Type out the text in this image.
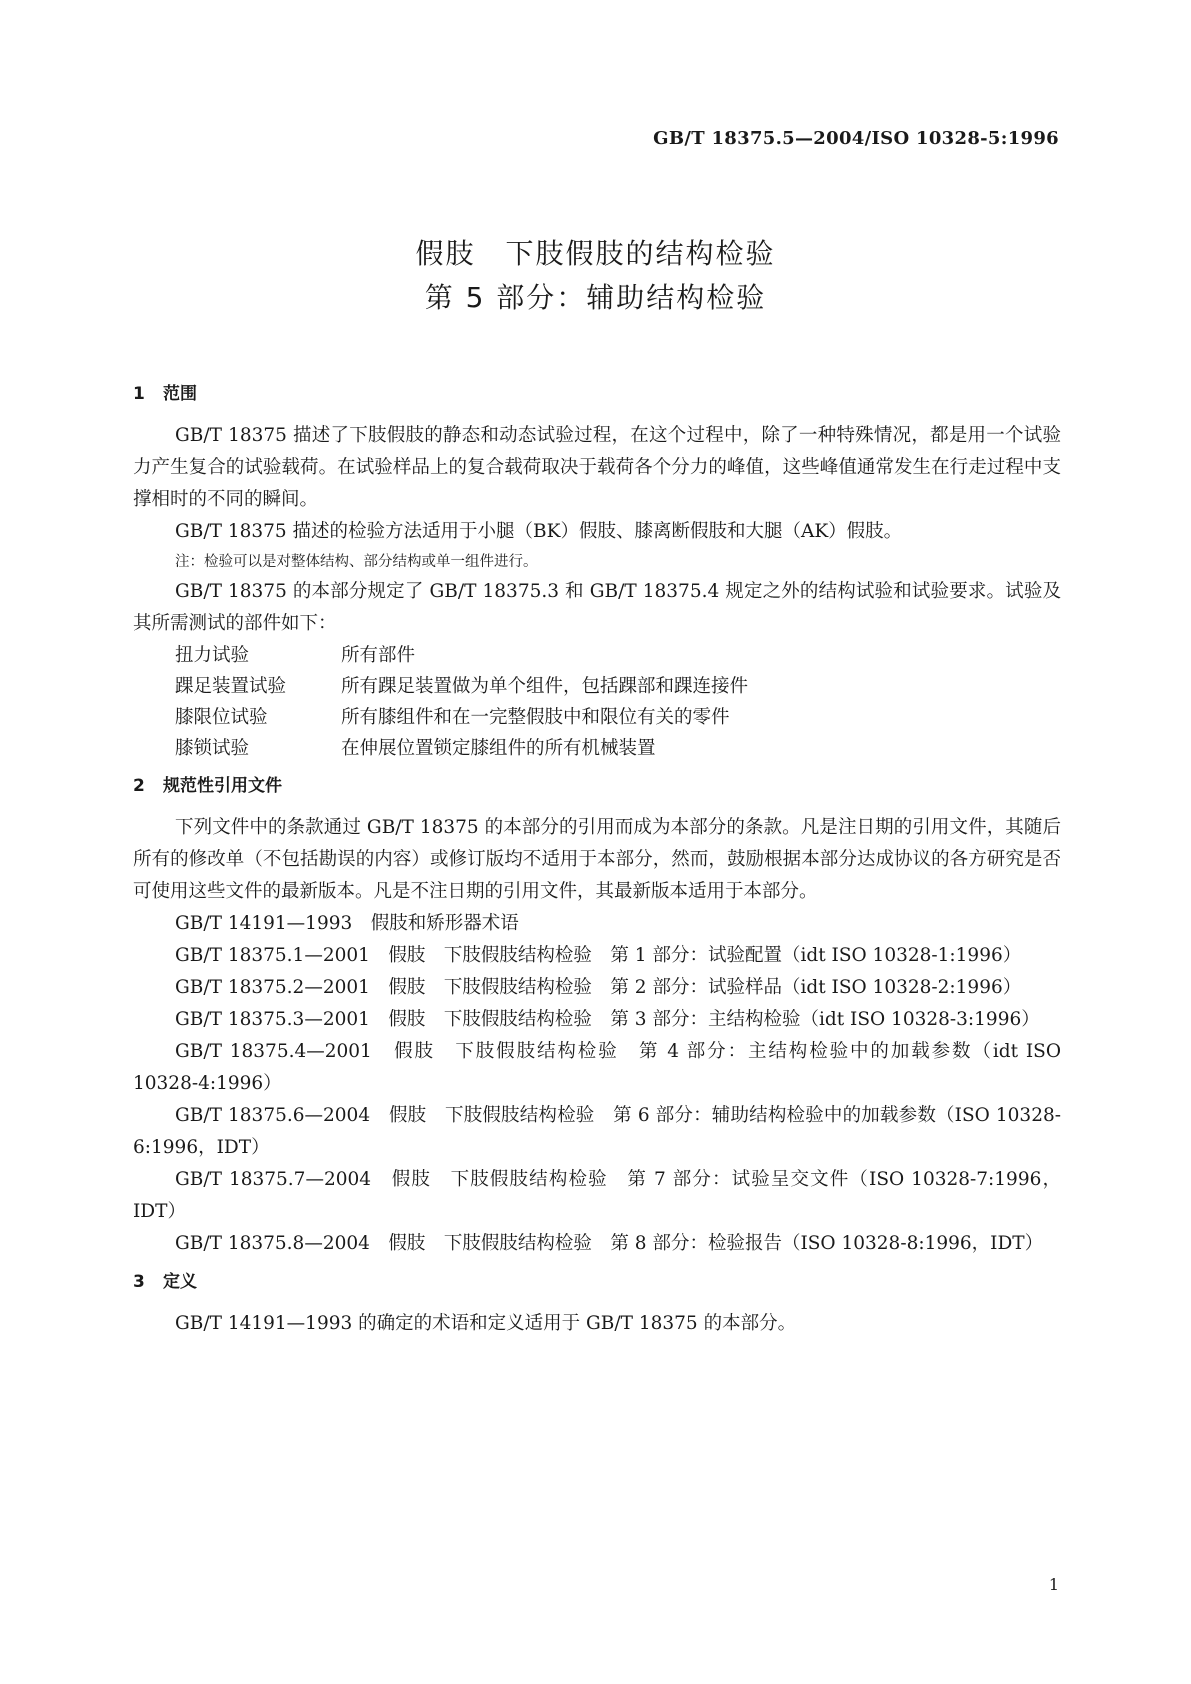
GB/T 18375.5—2004/ISO 10328-5:1996
假肢　下肢假肢的结构检验
第 5 部分：辅助结构检验
1 范围

GB/T 18375 描述了下肢假肢的静态和动态试验过程，在这个过程中，除了一种特殊情况，都是用一个试验力产生复合的试验载荷。在试验样品上的复合载荷取决于载荷各个分力的峰值，这些峰值通常发生在行走过程中支撑相时的不同的瞬间。

GB/T 18375 描述的检验方法适用于小腿（BK）假肢、膝离断假肢和大腿（AK）假肢。

注：检验可以是对整体结构、部分结构或单一组件进行。

GB/T 18375 的本部分规定了 GB/T 18375.3 和 GB/T 18375.4 规定之外的结构试验和试验要求。试验及其所需测试的部件如下：

扭力试验	所有部件
踝足装置试验	所有踝足装置做为单个组件，包括踝部和踝连接件
膝限位试验	所有膝组件和在一完整假肢中和限位有关的零件
膝锁试验	在伸展位置锁定膝组件的所有机械装置
2 规范性引用文件

下列文件中的条款通过 GB/T 18375 的本部分的引用而成为本部分的条款。凡是注日期的引用文件，其随后所有的修改单（不包括勘误的内容）或修订版均不适用于本部分，然而，鼓励根据本部分达成协议的各方研究是否可使用这些文件的最新版本。凡是不注日期的引用文件，其最新版本适用于本部分。

GB/T 14191—1993　假肢和矫形器术语

GB/T 18375.1—2001　假肢　下肢假肢结构检验　第 1 部分：试验配置（idt ISO 10328-1:1996）

GB/T 18375.2—2001　假肢　下肢假肢结构检验　第 2 部分：试验样品（idt ISO 10328-2:1996）

GB/T 18375.3—2001　假肢　下肢假肢结构检验　第 3 部分：主结构检验（idt ISO 10328-3:1996）

GB/T 18375.4—2001　假肢　下肢假肢结构检验　第 4 部分：主结构检验中的加载参数（idt ISO 10328-4:1996）

GB/T 18375.6—2004　假肢　下肢假肢结构检验　第 6 部分：辅助结构检验中的加载参数（ISO 10328-6:1996，IDT）

GB/T 18375.7—2004　假肢　下肢假肢结构检验　第 7 部分：试验呈交文件（ISO 10328-7:1996，IDT）

GB/T 18375.8—2004　假肢　下肢假肢结构检验　第 8 部分：检验报告（ISO 10328-8:1996，IDT）

3 定义

GB/T 14191—1993 的确定的术语和定义适用于 GB/T 18375 的本部分。

1
